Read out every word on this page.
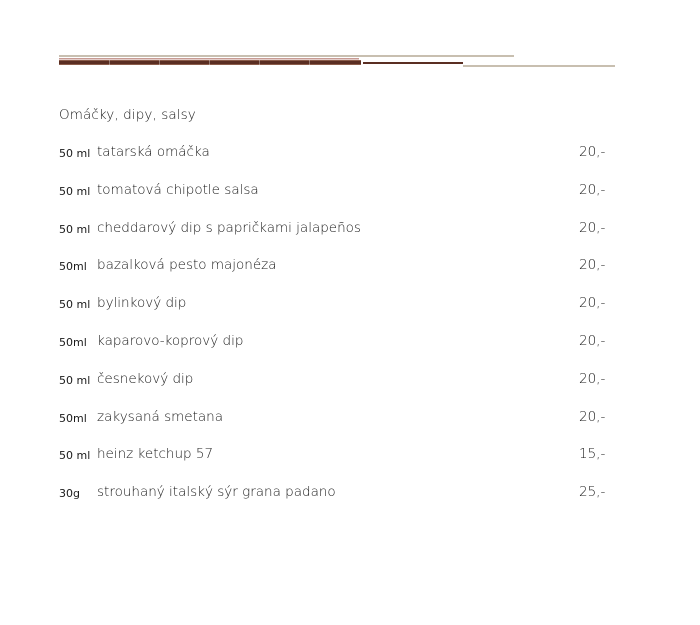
Omáčky, dipy, salsy
50 ml tatarská omáčka	20,-
50 ml tomatová chipotle salsa	20,-
50 ml cheddarový dip s papričkami jalapeños	20,-
50ml bazalková pesto majonéza	20,-
50 ml bylinkový dip	20,-
50ml kaparovo-koprový dip	20,-
50 ml česnekový dip	20,-
50ml zakysaná smetana	20,-
50 ml heinz ketchup 57	15,-
30g strouhaný italský sýr grana padano	25,-
